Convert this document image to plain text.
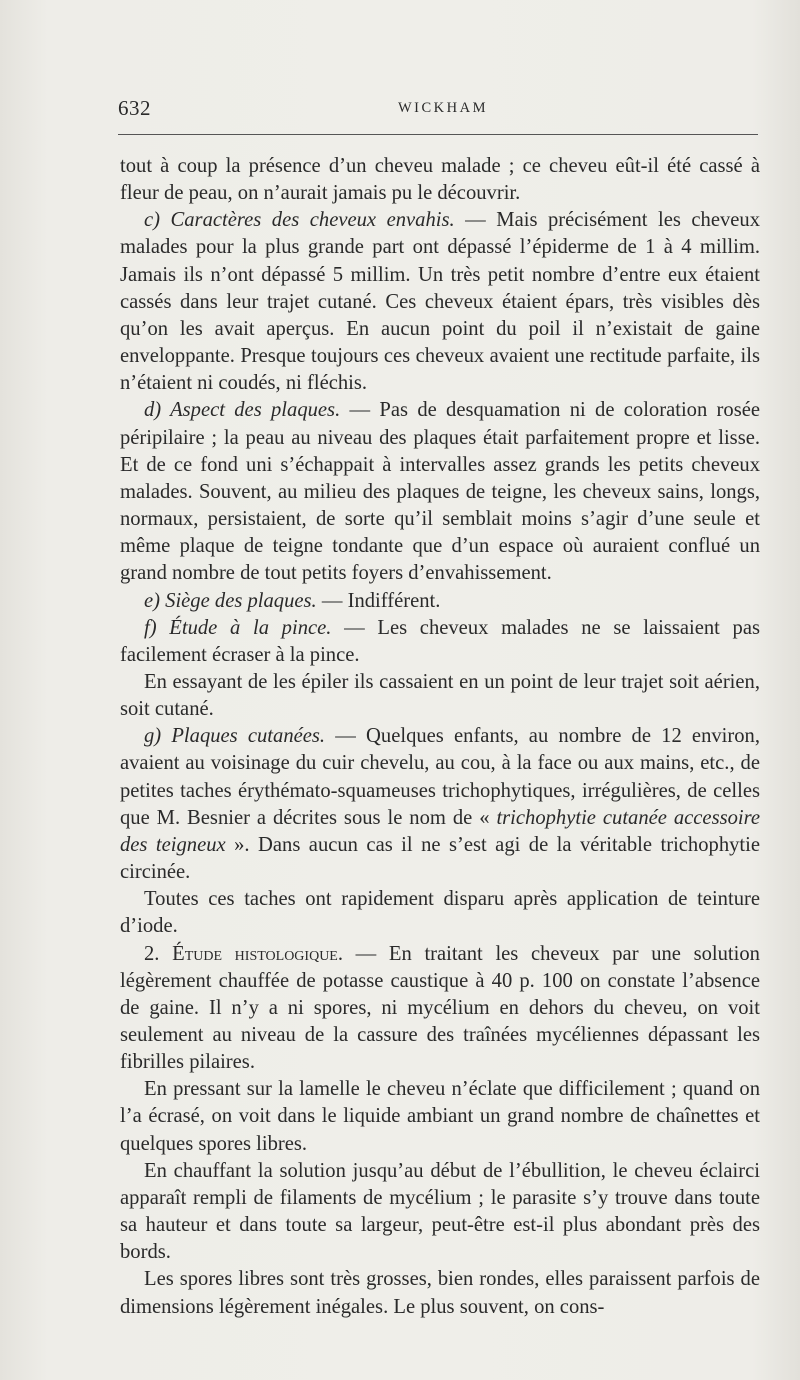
632	WICKHAM

tout à coup la présence d’un cheveu malade ; ce cheveu eût-il été cassé à fleur de peau, on n’aurait jamais pu le découvrir.

c) Caractères des cheveux envahis. — Mais précisément les cheveux malades pour la plus grande part ont dépassé l’épiderme de 1 à 4 millim. Jamais ils n’ont dépassé 5 millim. Un très petit nombre d’entre eux étaient cassés dans leur trajet cutané. Ces cheveux étaient épars, très visibles dès qu’on les avait aperçus. En aucun point du poil il n’existait de gaine enveloppante. Presque toujours ces cheveux avaient une rectitude parfaite, ils n’étaient ni coudés, ni fléchis.

d) Aspect des plaques. — Pas de desquamation ni de coloration rosée péripilaire ; la peau au niveau des plaques était parfaitement propre et lisse. Et de ce fond uni s’échappait à intervalles assez grands les petits cheveux malades. Souvent, au milieu des plaques de teigne, les cheveux sains, longs, normaux, persistaient, de sorte qu’il semblait moins s’agir d’une seule et même plaque de teigne tondante que d’un espace où auraient conflué un grand nombre de tout petits foyers d’envahissement.

e) Siège des plaques. — Indifférent.

f) Étude à la pince. — Les cheveux malades ne se laissaient pas facilement écraser à la pince.

En essayant de les épiler ils cassaient en un point de leur trajet soit aérien, soit cutané.

g) Plaques cutanées. — Quelques enfants, au nombre de 12 environ, avaient au voisinage du cuir chevelu, au cou, à la face ou aux mains, etc., de petites taches érythémato-squameuses trichophytiques, irrégulières, de celles que M. Besnier a décrites sous le nom de « trichophytie cutanée accessoire des teigneux ». Dans aucun cas il ne s’est agi de la véritable trichophytie circinée.

Toutes ces taches ont rapidement disparu après application de teinture d’iode.

2. Étude histologique. — En traitant les cheveux par une solution légèrement chauffée de potasse caustique à 40 p. 100 on constate l’absence de gaine. Il n’y a ni spores, ni mycélium en dehors du cheveu, on voit seulement au niveau de la cassure des traînées mycéliennes dépassant les fibrilles pilaires.

En pressant sur la lamelle le cheveu n’éclate que difficilement ; quand on l’a écrasé, on voit dans le liquide ambiant un grand nombre de chaînettes et quelques spores libres.

En chauffant la solution jusqu’au début de l’ébullition, le cheveu éclairci apparaît rempli de filaments de mycélium ; le parasite s’y trouve dans toute sa hauteur et dans toute sa largeur, peut-être est-il plus abondant près des bords.

Les spores libres sont très grosses, bien rondes, elles paraissent parfois de dimensions légèrement inégales. Le plus souvent, on cons-
